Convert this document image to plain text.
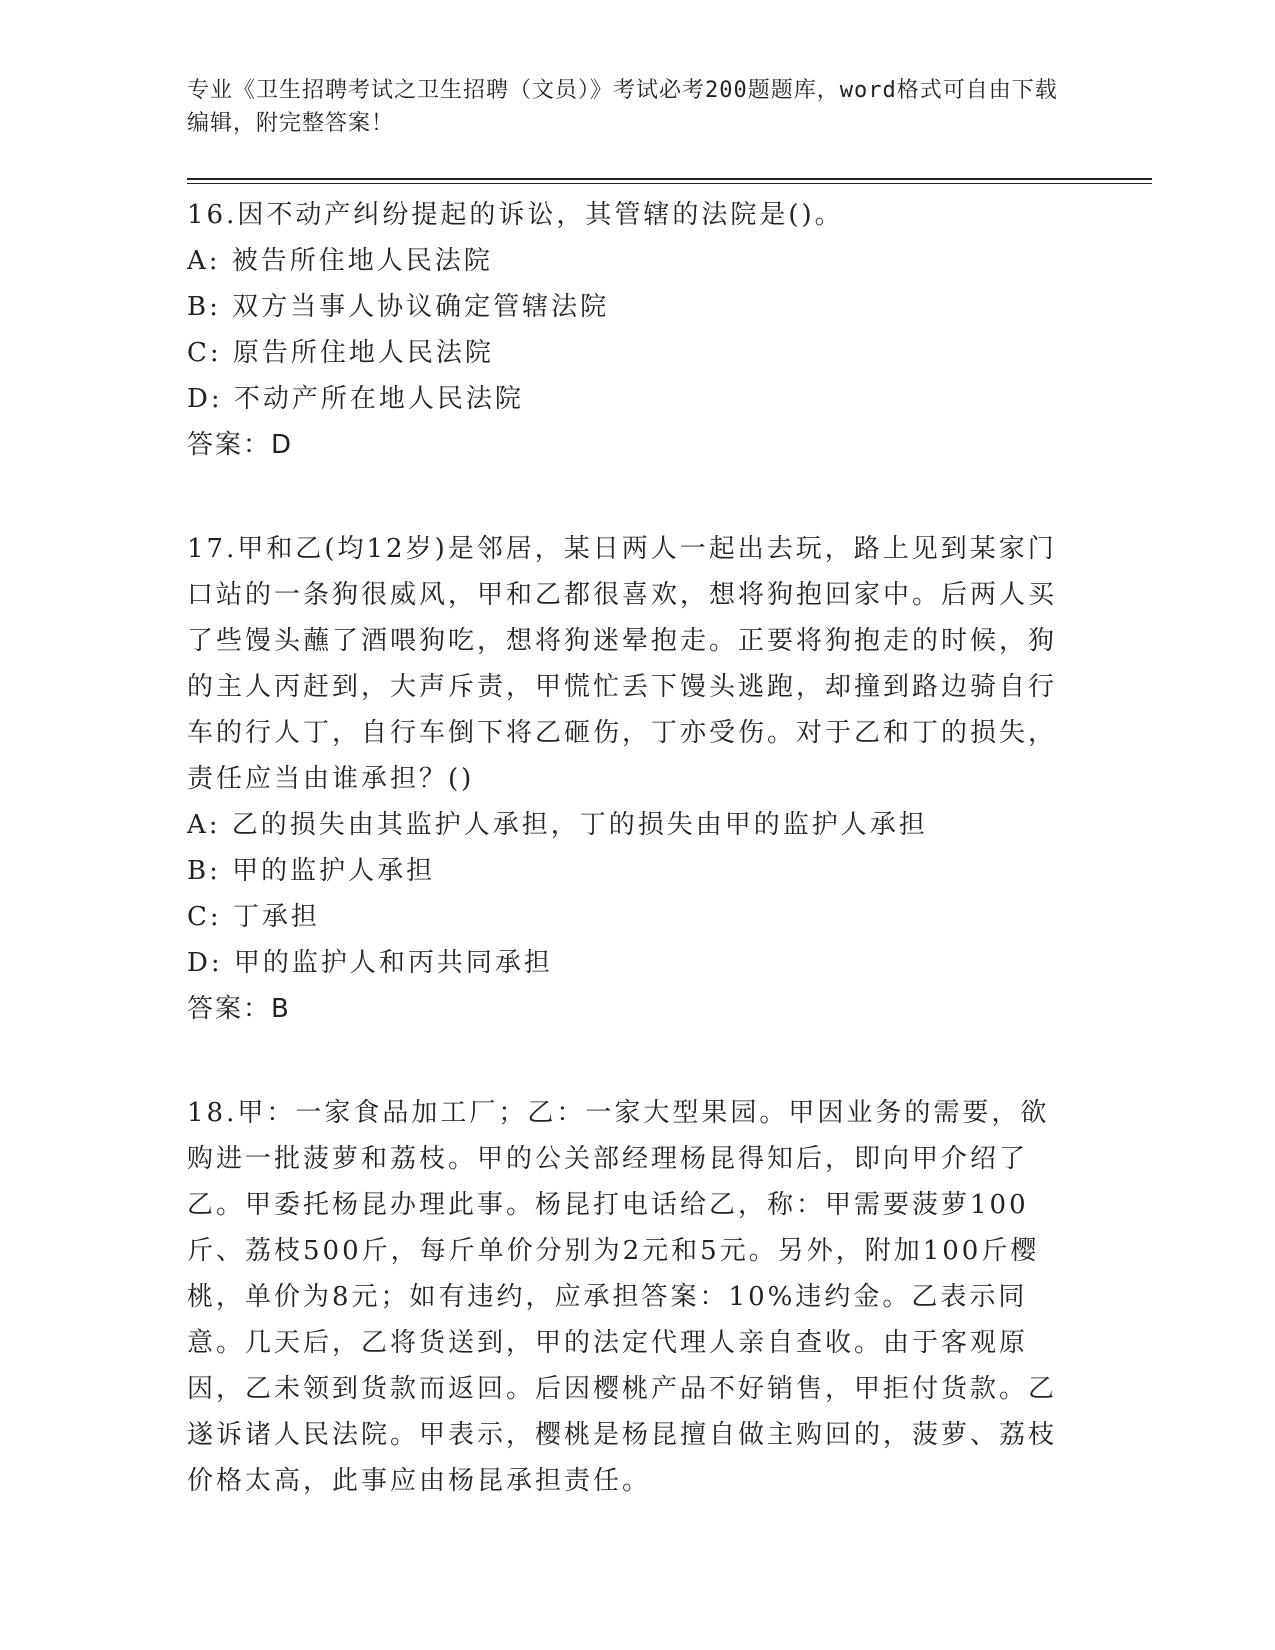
专业《卫生招聘考试之卫生招聘（文员）》考试必考200题题库，word格式可自由下载编辑，附完整答案！

16.因不动产纠纷提起的诉讼，其管辖的法院是()。

A: 被告所住地人民法院

B: 双方当事人协议确定管辖法院

C: 原告所住地人民法院

D: 不动产所在地人民法院

答案：D

17.甲和乙(均12岁)是邻居，某日两人一起出去玩，路上见到某家门口站的一条狗很威风，甲和乙都很喜欢，想将狗抱回家中。后两人买了些馒头蘸了酒喂狗吃，想将狗迷晕抱走。正要将狗抱走的时候，狗的主人丙赶到，大声斥责，甲慌忙丢下馒头逃跑，却撞到路边骑自行车的行人丁，自行车倒下将乙砸伤，丁亦受伤。对于乙和丁的损失，责任应当由谁承担？()

A: 乙的损失由其监护人承担，丁的损失由甲的监护人承担

B: 甲的监护人承担

C: 丁承担

D: 甲的监护人和丙共同承担

答案：B

18.甲：一家食品加工厂；乙：一家大型果园。甲因业务的需要，欲购进一批菠萝和荔枝。甲的公关部经理杨昆得知后，即向甲介绍了乙。甲委托杨昆办理此事。杨昆打电话给乙，称：甲需要菠萝100斤、荔枝500斤，每斤单价分别为2元和5元。另外，附加100斤樱桃，单价为8元；如有违约，应承担答案：10%违约金。乙表示同意。几天后，乙将货送到，甲的法定代理人亲自查收。由于客观原因，乙未领到货款而返回。后因樱桃产品不好销售，甲拒付货款。乙遂诉诸人民法院。甲表示，樱桃是杨昆擅自做主购回的，菠萝、荔枝价格太高，此事应由杨昆承担责任。
